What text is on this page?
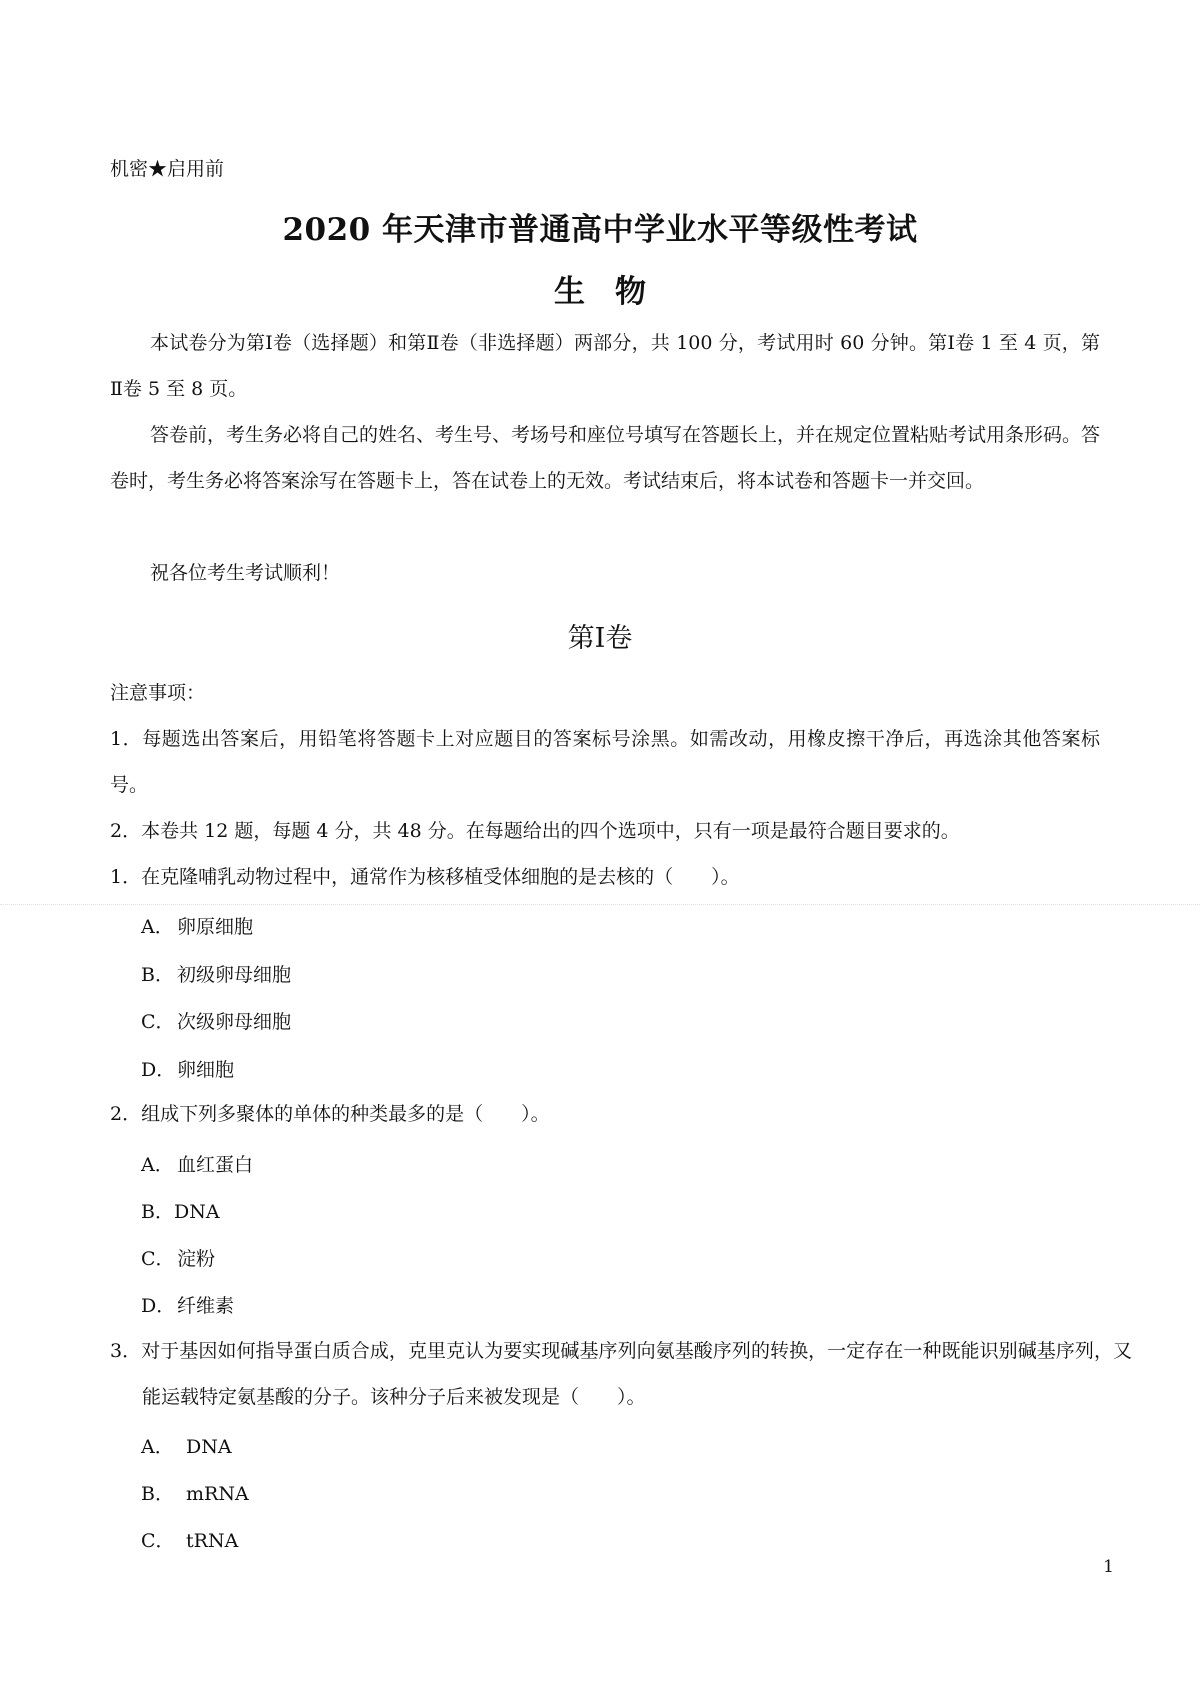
机密★启用前
2020 年天津市普通高中学业水平等级性考试
生物
本试卷分为第Ⅰ卷（选择题）和第Ⅱ卷（非选择题）两部分，共 100 分，考试用时 60 分钟。第Ⅰ卷 1 至 4 页，第Ⅱ卷 5 至 8 页。
答卷前，考生务必将自己的姓名、考生号、考场号和座位号填写在答题长上，并在规定位置粘贴考试用条形码。答卷时，考生务必将答案涂写在答题卡上，答在试卷上的无效。考试结束后，将本试卷和答题卡一并交回。
祝各位考生考试顺利！
第Ⅰ卷
注意事项：
1．每题选出答案后，用铅笔将答题卡上对应题目的答案标号涂黑。如需改动，用橡皮擦干净后，再选涂其他答案标号。
2．本卷共 12 题，每题 4 分，共 48 分。在每题给出的四个选项中，只有一项是最符合题目要求的。
1．在克隆哺乳动物过程中，通常作为核移植受体细胞的是去核的（　　）。
A． 卵原细胞
B． 初级卵母细胞
C． 次级卵母细胞
D．卵细胞
2．组成下列多聚体的单体的种类最多的是（　　）。
A． 血红蛋白
B．DNA
C． 淀粉
D．纤维素
3．对于基因如何指导蛋白质合成，克里克认为要实现碱基序列向氨基酸序列的转换，一定存在一种既能识别碱基序列，又能运载特定氨基酸的分子。该种分子后来被发现是（　　）。
A． DNA
B． mRNA
C． tRNA
1
